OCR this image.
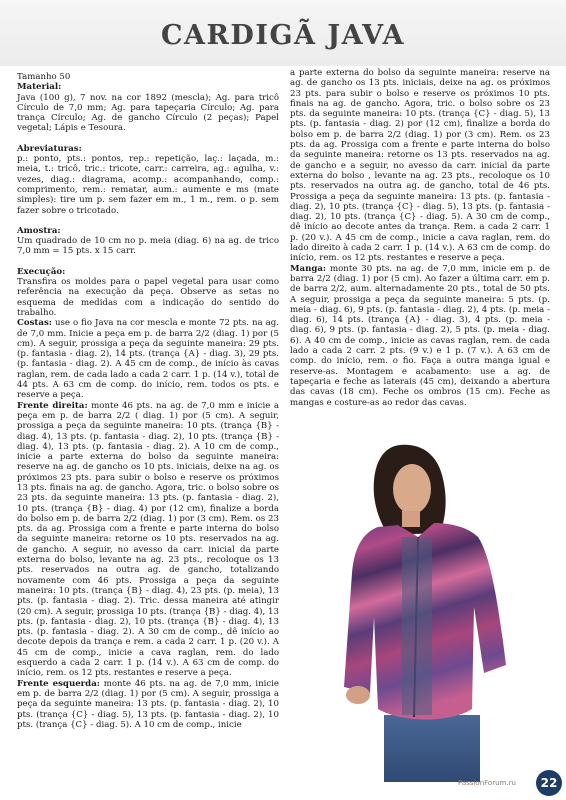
CARDIGÃ JAVA

Tamanho 50

Material:

Java (100 g), 7 nov. na cor 1892 (mescla); Ag. para tricô Círculo de 7,0 mm; Ag. para tapeçaria Círculo; Ag. para trança Círculo; Ag. de gancho Círculo (2 peças); Papel vegetal; Lápis e Tesoura.

Abreviaturas:

p.: ponto, pts.: pontos, rep.: repetição, laç.: laçada, m.: meia, t.: tricô, tric.: tricote, carr.: carreira, ag.: agulha, v.: vezes, diag.: diagrama, acomp.: acompanhando, comp.: comprimento, rem.: rematar, aum.: aumente e ms (mate simples): tire um p. sem fazer em m., 1 m., rem. o p. sem fazer sobre o tricotado.

Amostra:

Um quadrado de 10 cm no p. meia (diag. 6) na ag. de trico 7,0 mm = 15 pts. x 15 carr.

Execução:

Transfira os moldes para o papel vegetal para usar como referência na execução da peça. Observe as setas no esquema de medidas com a indicação do sentido do trabalho.

Costas: use o fio Java na cor mescla e monte 72 pts. na ag. de 7,0 mm. Inicie a peça em p. de barra 2/2 (diag. 1) por (5 cm). A seguir, prossiga a peça da seguinte maneira: 29 pts. (p. fantasia - diag. 2), 14 pts. (trança {A} - diag. 3), 29 pts. (p. fantasia - diag. 2). A 45 cm de comp., de início às cavas raglan, rem. de cada lado a cada 2 carr. 1 p. (14 v.), total de 44 pts. A 63 cm de comp. do início, rem. todos os pts. e reserve a peça.

Frente direita: monte 46 pts. na ag. de 7,0 mm e inicie a peça em p. de barra 2/2 ( diag. 1) por (5 cm). A seguir, prossiga a peça da seguinte maneira: 10 pts. (trança {B} - diag. 4), 13 pts. (p. fantasia - diag. 2), 10 pts. (trança {B} - diag. 4), 13 pts. (p. fantasia - diag. 2). A 10 cm de comp., inicie a parte externa do bolso da seguinte maneira: reserve na ag. de gancho os 10 pts. iniciais, deixe na ag. os próximos 23 pts. para subir o bolso e reserve os próximos 13 pts. finais na ag. de gancho. Agora, tric. o bolso sobre os 23 pts. da seguinte maneira: 13 pts. (p. fantasia - diag. 2), 10 pts. (trança {B} - diag. 4) por (12 cm), finalize a borda do bolso em p. de barra 2/2 (diag. 1) por (3 cm). Rem. os 23 pts. da ag. Prossiga com a frente e parte interna do bolso da seguinte maneira: retorne os 10 pts. reservados na ag. de gancho. A seguir, no avesso da carr. inicial da parte externa do bolso, levante na ag. 23 pts., recoloque os 13 pts. reservados na outra ag. de gancho, totalizando novamente com 46 pts. Prossiga a peça da seguinte maneira: 10 pts. (trança {B} - diag. 4), 23 pts. (p. meia), 13 pts. (p. fantasia - diag. 2). Tric. dessa maneira até atingir (20 cm). A seguir, prossiga 10 pts. (trança {B} - diag. 4), 13 pts. (p. fantasia - diag. 2), 10 pts. (trança {B} - diag. 4), 13 pts. (p. fantasia - diag. 2). A 30 cm de comp., dê início ao decote depois da trança e rem. a cada 2 carr. 1 p. (20 v.). A 45 cm de comp., inicie a cava raglan, rem. do lado esquerdo a cada 2 carr. 1 p. (14 v.). A 63 cm de comp. do início, rem. os 12 pts. restantes e reserve a peça.

Frente esquerda: monte 46 pts. na ag. de 7,0 mm, inicie em p. de barra 2/2 (diag. 1) por (5 cm). A seguir, prossiga a peça da seguinte maneira: 13 pts. (p. fantasia - diag. 2), 10 pts. (trança {C} - diag. 5), 13 pts. (p. fantasia - diag. 2), 10 pts. (trança {C} - diag. 5). A 10 cm de comp., inicie

a parte externa do bolso da seguinte maneira: reserve na ag. de gancho os 13 pts. iniciais, deixe na ag. os próximos 23 pts. para subir o bolso e reserve os próximos 10 pts. finais na ag. de gancho. Agora, tric. o bolso sobre os 23 pts. da seguinte maneira: 10 pts. (trança {C} - diag. 5), 13 pts. (p. fantasia - diag. 2) por (12 cm), finalize a borda do bolso em p. de barra 2/2 (diag. 1) por (3 cm). Rem. os 23 pts. da ag. Prossiga com a frente e parte interna do bolso da seguinte maneira: retorne os 13 pts. reservados na ag. de gancho e a seguir, no avesso da carr. inicial da parte externa do bolso , levante na ag. 23 pts., recoloque os 10 pts. reservados na outra ag. de gancho, total de 46 pts. Prossiga a peça da seguinte maneira: 13 pts. (p. fantasia - diag. 2), 10 pts. (trança {C} - diag. 5), 13 pts. (p. fantasia - diag. 2), 10 pts. (trança {C} - diag. 5). A 30 cm de comp., dê início ao decote antes da trança. Rem. a cada 2 carr. 1 p. (20 v.). A 45 cm de comp., inicie a cava raglan, rem. do lado direito à cada 2 carr. 1 p. (14 v.). A 63 cm de comp. do início, rem. os 12 pts. restantes e reserve a peça.

Manga: monte 30 pts. na ag. de 7,0 mm, inicie em p. de barra 2/2 (diag. 1) por (5 cm). Ao fazer a última carr. em p. de barra 2/2, aum. alternadamente 20 pts., total de 50 pts. A seguir, prossiga a peça da seguinte maneira: 5 pts. (p. meia - diag. 6), 9 pts. (p. fantasia - diag. 2), 4 pts. (p. meia - diag. 6), 14 pts. (trança {A} - diag. 3), 4 pts. (p. meia - diag. 6), 9 pts. (p. fantasia - diag. 2), 5 pts. (p. meia - diag. 6). A 40 cm de comp., inicie as cavas raglan, rem. de cada lado a cada 2 carr. 2 pts. (9 v.) e 1 p. (7 v.). A 63 cm de comp. do início, rem. o fio. Faça a outra manga igual e reserve-as. Montagem e acabamento: use a ag. de tapeçaria e feche as laterais (45 cm), deixando a abertura das cavas (18 cm). Feche os ombros (15 cm). Feche as mangas e costure-as ao redor das cavas.

PassionForum.ru	22
